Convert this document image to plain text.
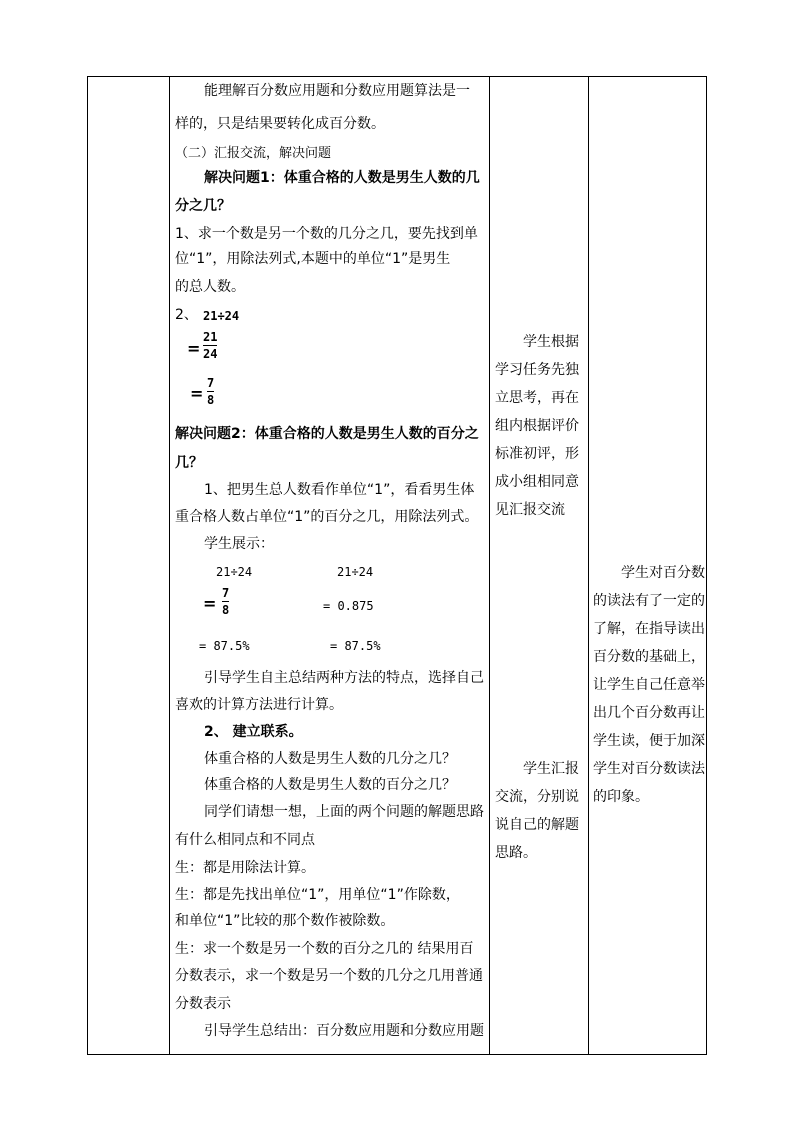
能理解百分数应用题和分数应用题算法是一
样的，只是结果要转化成百分数。
（二）汇报交流，解决问题
解决问题1：体重合格的人数是男生人数的几
分之几？
1、求一个数是另一个数的几分之几，要先找到单
位“1”，用除法列式,本题中的单位“1”是男生
的总人数。
2、 21÷24
=
21
24
=
7
8
解决问题2：体重合格的人数是男生人数的百分之
几？
1、把男生总人数看作单位“1”，看看男生体
重合格人数占单位“1”的百分之几，用除法列式。
学生展示：
21÷24	21÷24
=
7
8	= 0.875
= 87.5%	= 87.5%
引导学生自主总结两种方法的特点，选择自己
喜欢的计算方法进行计算。
2、 建立联系。
体重合格的人数是男生人数的几分之几？
体重合格的人数是男生人数的百分之几？
同学们请想一想，上面的两个问题的解题思路
有什么相同点和不同点
生：都是用除法计算。
生：都是先找出单位“1”，用单位“1”作除数，
和单位“1”比较的那个数作被除数。
生：求一个数是另一个数的百分之几的 结果用百
分数表示，求一个数是另一个数的几分之几用普通
分数表示
引导学生总结出：百分数应用题和分数应用题
学生根据学习任务先独立思考，再在组内根据评价标准初评，形成小组相同意见汇报交流
学生汇报交流，分别说说自己的解题思路。
学生对百分数的读法有了一定的了解，在指导读出百分数的基础上，让学生自己任意举出几个百分数再让学生读，便于加深学生对百分数读法的印象。
